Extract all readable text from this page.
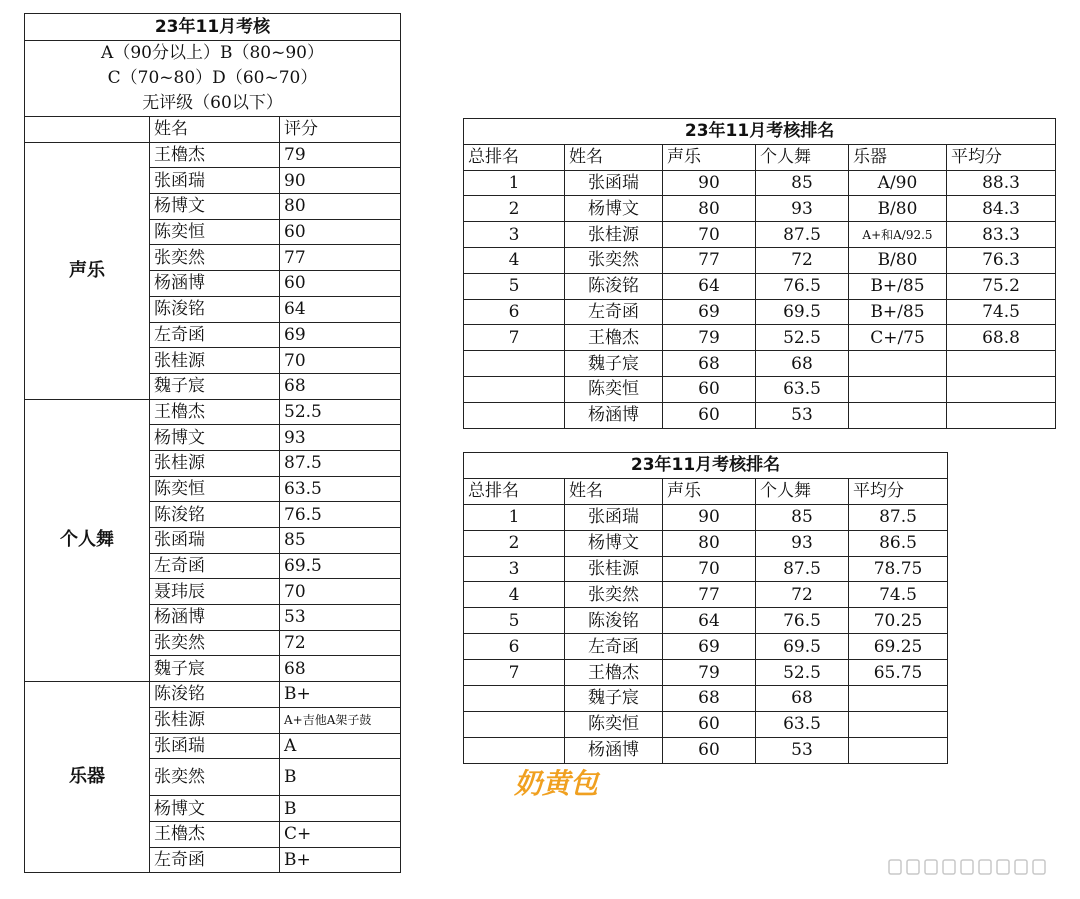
23年11月考核		

A（90分以上）B（80~90）
C（70~80）D（60~70）
无评级（60以下）		

	姓名	评分
声乐	王櫓杰	79
	张函瑞	90
	杨博文	80
	陈奕恒	60
	张奕然	77
	杨涵博	60
	陈浚铭	64
	左奇函	69
	张桂源	70
	魏子宸	68
个人舞	王櫓杰	52.5
	杨博文	93
	张桂源	87.5
	陈奕恒	63.5
	陈浚铭	76.5
	张函瑞	85
	左奇函	69.5
	聂玮辰	70
	杨涵博	53
	张奕然	72
	魏子宸	68
乐器	陈浚铭	B+
	张桂源	A+吉他A架子鼓
	张函瑞	A
	张奕然	B
	杨博文	B
	王櫓杰	C+
	左奇函	B+
23年11月考核排名					
总排名	姓名	声乐	个人舞	乐器	平均分
1	张函瑞	90	85	A/90	88.3
2	杨博文	80	93	B/80	84.3
3	张桂源	70	87.5	A+和A/92.5	83.3
4	张奕然	77	72	B/80	76.3
5	陈浚铭	64	76.5	B+/85	75.2
6	左奇函	69	69.5	B+/85	74.5
7	王櫓杰	79	52.5	C+/75	68.8
	魏子宸	68	68		
	陈奕恒	60	63.5		
	杨涵博	60	53		
23年11月考核排名				
总排名	姓名	声乐	个人舞	平均分
1	张函瑞	90	85	87.5
2	杨博文	80	93	86.5
3	张桂源	70	87.5	78.75
4	张奕然	77	72	74.5
5	陈浚铭	64	76.5	70.25
6	左奇函	69	69.5	69.25
7	王櫓杰	79	52.5	65.75
	魏子宸	68	68	
	陈奕恒	60	63.5	
	杨涵博	60	53	
奶黄包
